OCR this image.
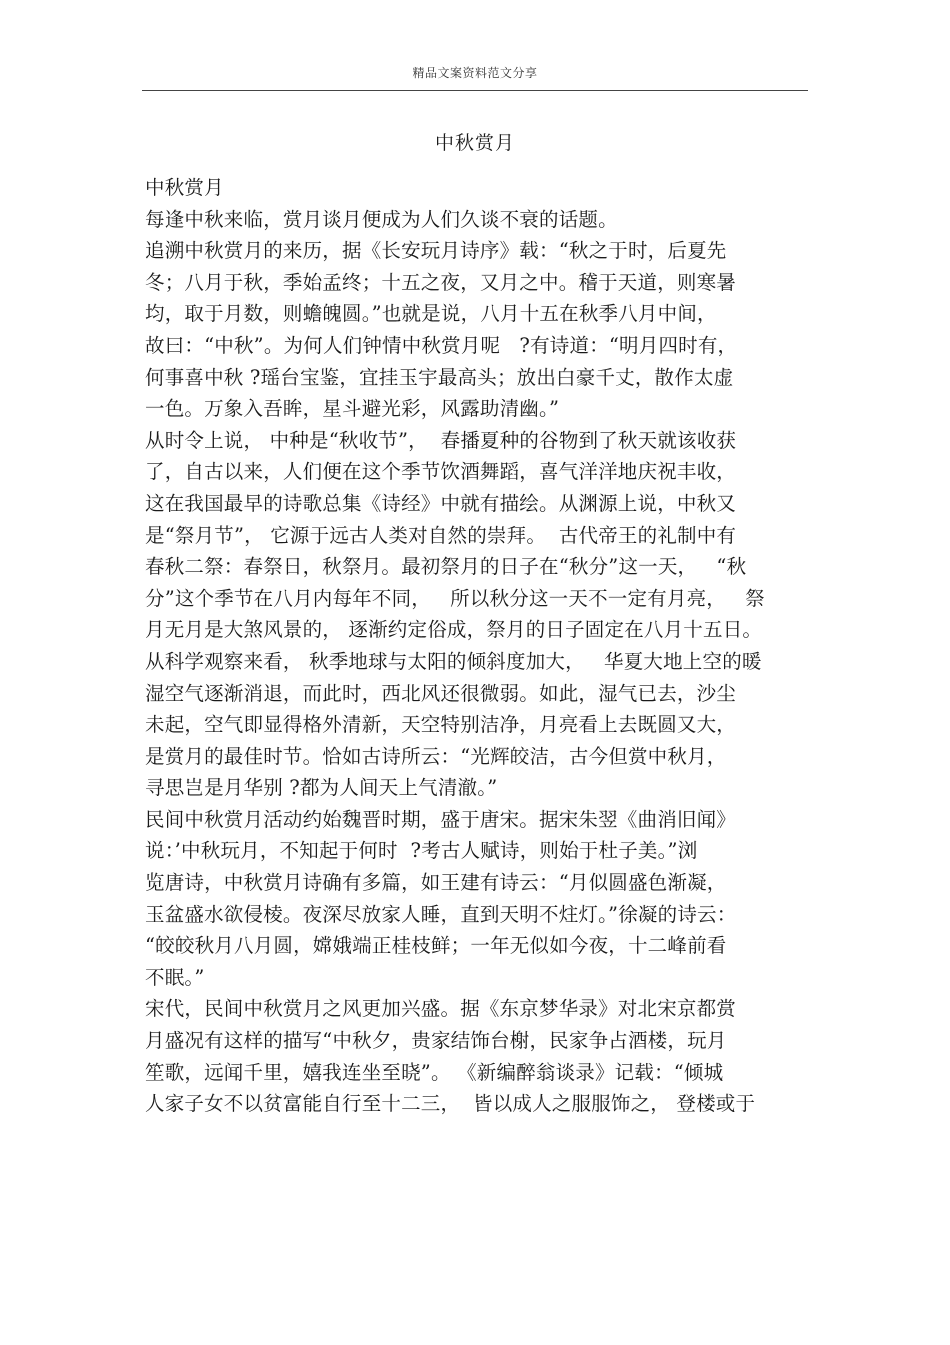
精品文案资料范文分享
中秋赏月
中秋赏月
每逢中秋来临，赏月谈月便成为人们久谈不衰的话题。
追溯中秋赏月的来历，据《长安玩月诗序》载：“秋之于时，后夏先
冬；八月于秋，季始孟终；十五之夜，又月之中。稽于天道，则寒暑
均，取于月数，则蟾魄圆。”也就是说，八月十五在秋季八月中间，
故曰：“中秋”。为何人们钟情中秋赏月呢   ?有诗道：“明月四时有，
何事喜中秋 ?瑶台宝鉴，宜挂玉宇最高头；放出白豪千丈，散作太虚
一色。万象入吾眸，星斗避光彩，风露助清幽。”
从时令上说， 中种是“秋收节”，  春播夏种的谷物到了秋天就该收获
了，自古以来，人们便在这个季节饮酒舞蹈，喜气洋洋地庆祝丰收，
这在我国最早的诗歌总集《诗经》中就有描绘。从渊源上说，中秋又
是“祭月节”， 它源于远古人类对自然的崇拜。  古代帝王的礼制中有
春秋二祭：春祭日，秋祭月。最初祭月的日子在“秋分”这一天，   “秋
分”这个季节在八月内每年不同，   所以秋分这一天不一定有月亮，   祭
月无月是大煞风景的， 逐渐约定俗成，祭月的日子固定在八月十五日。
从科学观察来看， 秋季地球与太阳的倾斜度加大，   华夏大地上空的暖
湿空气逐渐消退，而此时，西北风还很微弱。如此，湿气已去，沙尘
未起，空气即显得格外清新，天空特别洁净，月亮看上去既圆又大，
是赏月的最佳时节。恰如古诗所云：“光辉皎洁，古今但赏中秋月，
寻思岂是月华别 ?都为人间天上气清澈。”
民间中秋赏月活动约始魏晋时期，盛于唐宋。据宋朱翌《曲消旧闻》
说：’中秋玩月，不知起于何时  ?考古人赋诗，则始于杜子美。”浏
览唐诗，中秋赏月诗确有多篇，如王建有诗云：“月似圆盛色渐凝，
玉盆盛水欲侵棱。夜深尽放家人睡，直到天明不炷灯。”徐凝的诗云：
“皎皎秋月八月圆，嫦娥端正桂枝鲜；一年无似如今夜，十二峰前看
不眠。”
宋代，民间中秋赏月之风更加兴盛。据《东京梦华录》对北宋京都赏
月盛况有这样的描写“中秋夕，贵家结饰台榭，民家争占酒楼，玩月
笙歌，远闻千里，嬉我连坐至晓”。 《新编醉翁谈录》记载：“倾城
人家子女不以贫富能自行至十二三，  皆以成人之服服饰之， 登楼或于
